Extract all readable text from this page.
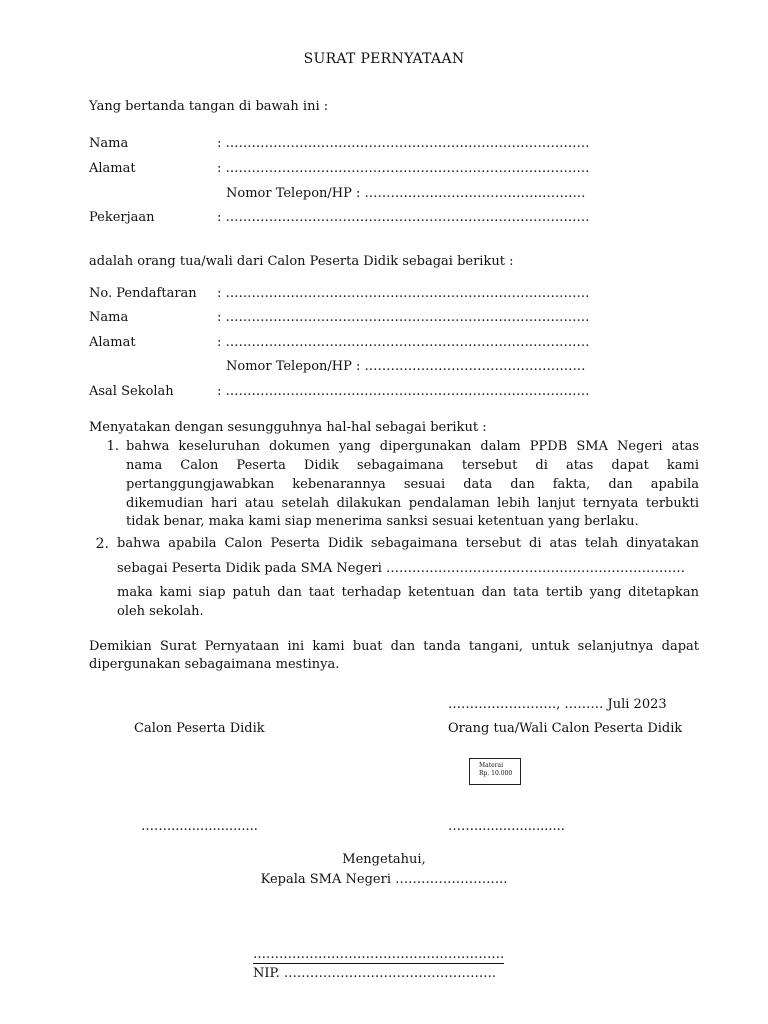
SURAT PERNYATAAN
Yang bertanda tangan di bawah ini :
Nama	: …………………………………………………………………………
Alamat	: …………………………………………………………………………
Nomor Telepon/HP : ……………………………………………
Pekerjaan	: …………………………………………………………………………
adalah orang tua/wali dari Calon Peserta Didik sebagai berikut :
No. Pendaftaran : …………………………………………………………………………
Nama	: …………………………………………………………………………
Alamat	: …………………………………………………………………………
Nomor Telepon/HP : ……………………………………………
Asal Sekolah	: …………………………………………………………………………
Menyatakan dengan sesungguhnya hal-hal sebagai berikut :
1. bahwa keseluruhan dokumen yang dipergunakan dalam PPDB SMA Negeri atas
nama Calon Peserta Didik sebagaimana tersebut di atas dapat kami
pertanggungjawabkan kebenarannya sesuai data dan fakta, dan apabila
dikemudian hari atau setelah dilakukan pendalaman lebih lanjut ternyata terbukti
tidak benar, maka kami siap menerima sanksi sesuai ketentuan yang berlaku.
2. bahwa apabila Calon Peserta Didik sebagaimana tersebut di atas telah dinyatakan
sebagai Peserta Didik pada SMA Negeri ……………………………………………………………
maka kami siap patuh dan taat terhadap ketentuan dan tata tertib yang ditetapkan
oleh sekolah.
Demikian Surat Pernyataan ini kami buat dan tanda tangani, untuk selanjutnya dapat
dipergunakan sebagaimana mestinya.
……………………., ……… Juli 2023
Calon Peserta Didik	Orang tua/Wali Calon Peserta Didik
Materai
Rp. 10.000
……......................	……......................
Mengetahui,
Kepala SMA Negeri ……………………..
………………………………………………….
NIP. ………………………………………….
